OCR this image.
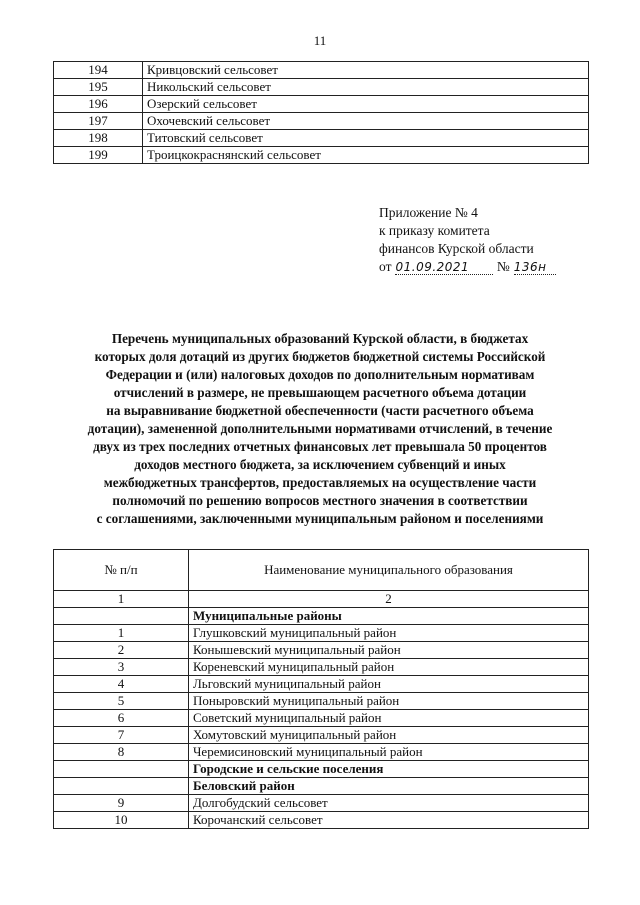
11
194	Кривцовский сельсовет
195	Никольский сельсовет
196	Озерский сельсовет
197	Охочевский сельсовет
198	Титовский сельсовет
199	Троицкокраснянский сельсовет
Приложение № 4
к приказу комитета
финансов Курской области
от 01.09.2021 № 136н
Перечень муниципальных образований Курской области, в бюджетах
которых доля дотаций из других бюджетов бюджетной системы Российской
Федерации и (или) налоговых доходов по дополнительным нормативам
отчислений в размере, не превышающем расчетного объема дотации
на выравнивание бюджетной обеспеченности (части расчетного объема
дотации), замененной дополнительными нормативами отчислений, в течение
двух из трех последних отчетных финансовых лет превышала 50 процентов
доходов местного бюджета, за исключением субвенций и иных
межбюджетных трансфертов, предоставляемых на осуществление части
полномочий по решению вопросов местного значения в соответствии
с соглашениями, заключенными муниципальным районом и поселениями
№ п/п	Наименование муниципального образования
1	2
	Муниципальные районы
1	Глушковский муниципальный район
2	Конышевский муниципальный район
3	Кореневский муниципальный район
4	Льговский муниципальный район
5	Поныровский муниципальный район
6	Советский муниципальный район
7	Хомутовский муниципальный район
8	Черемисиновский муниципальный район
	Городские и сельские поселения
	Беловский район
9	Долгобудский сельсовет
10	Корочанский сельсовет
